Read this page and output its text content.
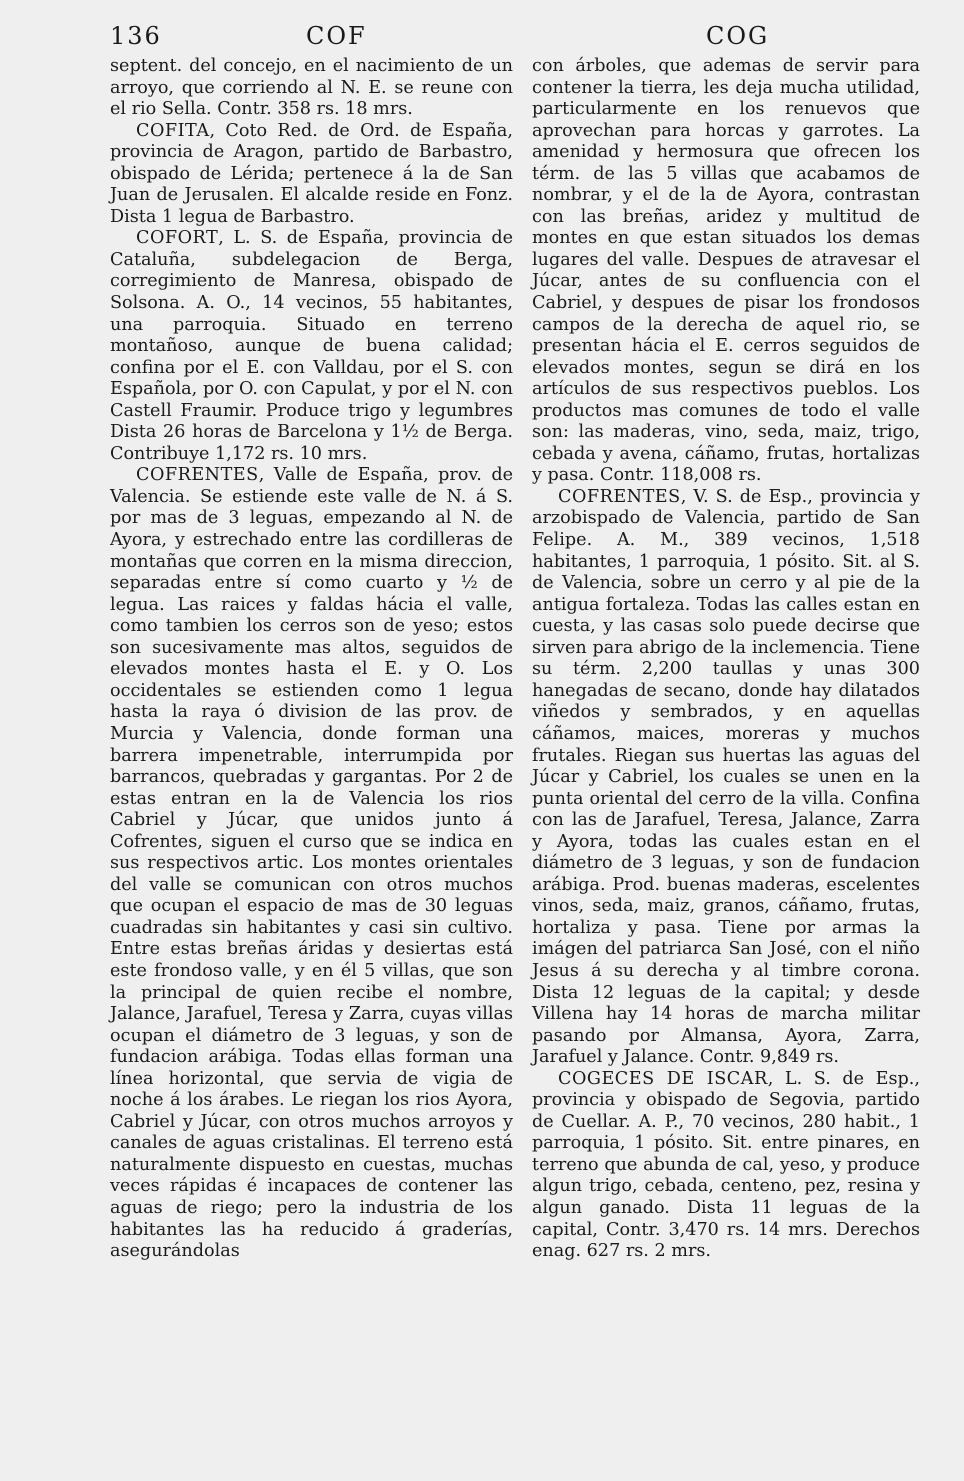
136	COF	COG

septent. del concejo, en el nacimiento de un arroyo, que corriendo al N. E. se reune con el rio Sella. Contr. 358 rs. 18 mrs.

COFITA, Coto Red. de Ord. de España, provincia de Aragon, partido de Barbastro, obispado de Lérida; pertenece á la de San Juan de Jerusalen. El alcalde reside en Fonz. Dista 1 legua de Barbastro.

COFORT, L. S. de España, provincia de Cataluña, subdelegacion de Berga, corregimiento de Manresa, obispado de Solsona. A. O., 14 vecinos, 55 habitantes, una parroquia. Situado en terreno montañoso, aunque de buena calidad; confina por el E. con Valldau, por el S. con Española, por O. con Capulat, y por el N. con Castell Fraumir. Produce trigo y legumbres Dista 26 horas de Barcelona y 1½ de Berga. Contribuye 1,172 rs. 10 mrs.

COFRENTES, Valle de España, prov. de Valencia. Se estiende este valle de N. á S. por mas de 3 leguas, empezando al N. de Ayora, y estrechado entre las cordilleras de montañas que corren en la misma direccion, separadas entre sí como cuarto y ½ de legua. Las raices y faldas hácia el valle, como tambien los cerros son de yeso; estos son sucesivamente mas altos, seguidos de elevados montes hasta el E. y O. Los occidentales se estienden como 1 legua hasta la raya ó division de las prov. de Murcia y Valencia, donde forman una barrera impenetrable, interrumpida por barrancos, quebradas y gargantas. Por 2 de estas entran en la de Valencia los rios Cabriel y Júcar, que unidos junto á Cofrentes, siguen el curso que se indica en sus respectivos artic. Los montes orientales del valle se comunican con otros muchos que ocupan el espacio de mas de 30 leguas cuadradas sin habitantes y casi sin cultivo. Entre estas breñas áridas y desiertas está este frondoso valle, y en él 5 villas, que son la principal de quien recibe el nombre, Jalance, Jarafuel, Teresa y Zarra, cuyas villas ocupan el diámetro de 3 leguas, y son de fundacion arábiga. Todas ellas forman una línea horizontal, que servia de vigia de noche á los árabes. Le riegan los rios Ayora, Cabriel y Júcar, con otros muchos arroyos y canales de aguas cristalinas. El terreno está naturalmente dispuesto en cuestas, muchas veces rápidas é incapaces de contener las aguas de riego; pero la industria de los habitantes las ha reducido á graderías, asegurándolas

con árboles, que ademas de servir para contener la tierra, les deja mucha utilidad, particularmente en los renuevos que aprovechan para horcas y garrotes. La amenidad y hermosura que ofrecen los térm. de las 5 villas que acabamos de nombrar, y el de la de Ayora, contrastan con las breñas, aridez y multitud de montes en que estan situados los demas lugares del valle. Despues de atravesar el Júcar, antes de su confluencia con el Cabriel, y despues de pisar los frondosos campos de la derecha de aquel rio, se presentan hácia el E. cerros seguidos de elevados montes, segun se dirá en los artículos de sus respectivos pueblos. Los productos mas comunes de todo el valle son: las maderas, vino, seda, maiz, trigo, cebada y avena, cáñamo, frutas, hortalizas y pasa. Contr. 118,008 rs.

COFRENTES, V. S. de Esp., provincia y arzobispado de Valencia, partido de San Felipe. A. M., 389 vecinos, 1,518 habitantes, 1 parroquia, 1 pósito. Sit. al S. de Valencia, sobre un cerro y al pie de la antigua fortaleza. Todas las calles estan en cuesta, y las casas solo puede decirse que sirven para abrigo de la inclemencia. Tiene su térm. 2,200 taullas y unas 300 hanegadas de secano, donde hay dilatados viñedos y sembrados, y en aquellas cáñamos, maices, moreras y muchos frutales. Riegan sus huertas las aguas del Júcar y Cabriel, los cuales se unen en la punta oriental del cerro de la villa. Confina con las de Jarafuel, Teresa, Jalance, Zarra y Ayora, todas las cuales estan en el diámetro de 3 leguas, y son de fundacion arábiga. Prod. buenas maderas, escelentes vinos, seda, maiz, granos, cáñamo, frutas, hortaliza y pasa. Tiene por armas la imágen del patriarca San José, con el niño Jesus á su derecha y al timbre corona. Dista 12 leguas de la capital; y desde Villena hay 14 horas de marcha militar pasando por Almansa, Ayora, Zarra, Jarafuel y Jalance. Contr. 9,849 rs.

COGECES DE ISCAR, L. S. de Esp., provincia y obispado de Segovia, partido de Cuellar. A. P., 70 vecinos, 280 habit., 1 parroquia, 1 pósito. Sit. entre pinares, en terreno que abunda de cal, yeso, y produce algun trigo, cebada, centeno, pez, resina y algun ganado. Dista 11 leguas de la capital, Contr. 3,470 rs. 14 mrs. Derechos enag. 627 rs. 2 mrs.
